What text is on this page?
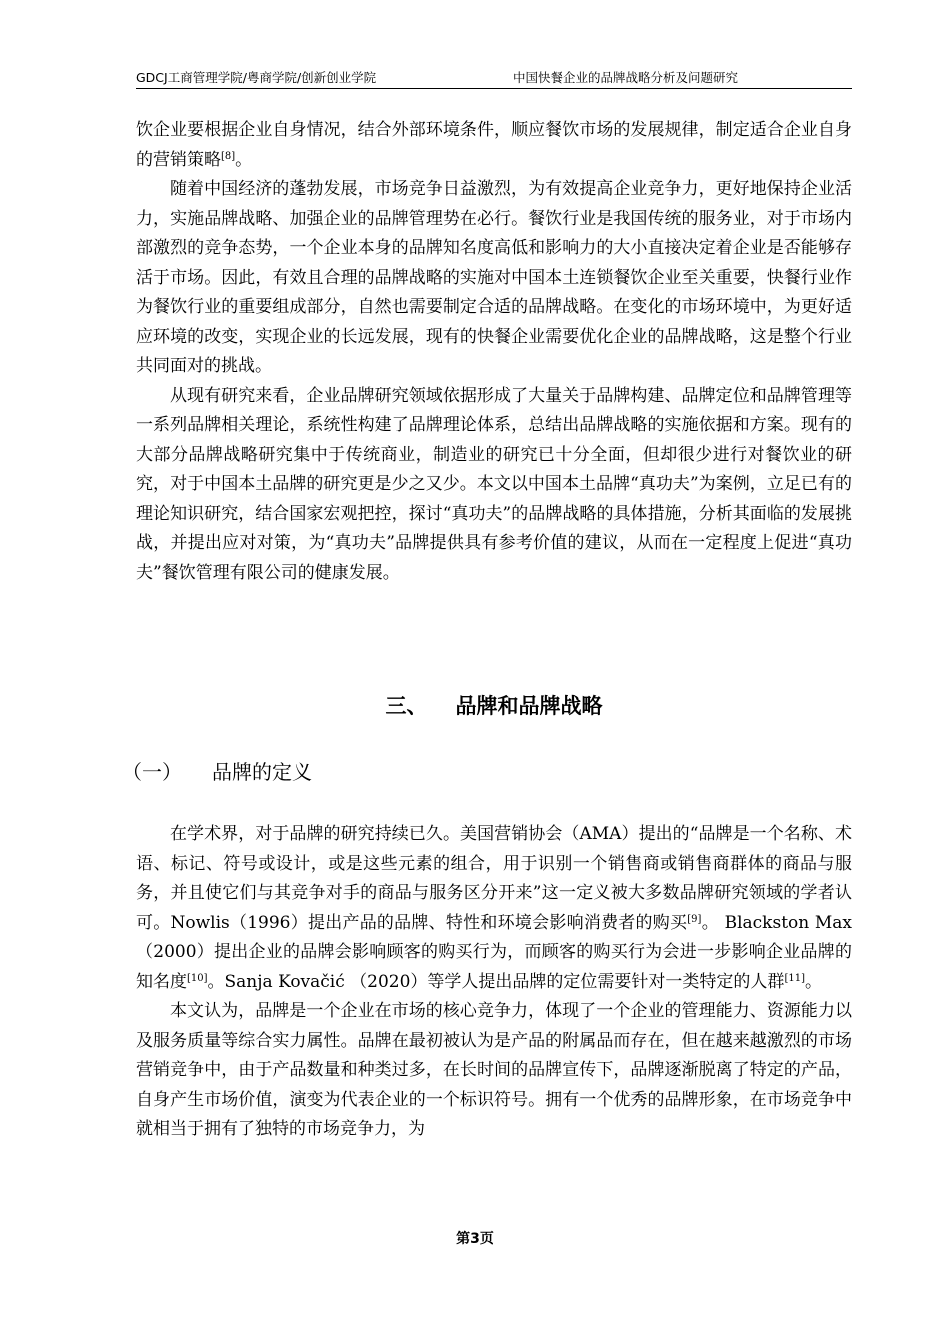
GDCJ工商管理学院/粤商学院/创新创业学院	中国快餐企业的品牌战略分析及问题研究

饮企业要根据企业自身情况，结合外部环境条件，顺应餐饮市场的发展规律，制定适合企业自身的营销策略[8]。

随着中国经济的蓬勃发展，市场竞争日益激烈，为有效提高企业竞争力，更好地保持企业活力，实施品牌战略、加强企业的品牌管理势在必行。餐饮行业是我国传统的服务业，对于市场内部激烈的竞争态势，一个企业本身的品牌知名度高低和影响力的大小直接决定着企业是否能够存活于市场。因此，有效且合理的品牌战略的实施对中国本土连锁餐饮企业至关重要，快餐行业作为餐饮行业的重要组成部分，自然也需要制定合适的品牌战略。在变化的市场环境中，为更好适应环境的改变，实现企业的长远发展，现有的快餐企业需要优化企业的品牌战略，这是整个行业共同面对的挑战。

从现有研究来看，企业品牌研究领域依据形成了大量关于品牌构建、品牌定位和品牌管理等一系列品牌相关理论，系统性构建了品牌理论体系，总结出品牌战略的实施依据和方案。现有的大部分品牌战略研究集中于传统商业，制造业的研究已十分全面，但却很少进行对餐饮业的研究，对于中国本土品牌的研究更是少之又少。本文以中国本土品牌“真功夫”为案例，立足已有的理论知识研究，结合国家宏观把控，探讨“真功夫”的品牌战略的具体措施，分析其面临的发展挑战，并提出应对对策，为“真功夫”品牌提供具有参考价值的建议，从而在一定程度上促进“真功夫”餐饮管理有限公司的健康发展。

三、 品牌和品牌战略
（一） 品牌的定义

在学术界，对于品牌的研究持续已久。美国营销协会（AMA）提出的“品牌是一个名称、术语、标记、符号或设计，或是这些元素的组合，用于识别一个销售商或销售商群体的商品与服务，并且使它们与其竞争对手的商品与服务区分开来”这一定义被大多数品牌研究领域的学者认可。Nowlis（1996）提出产品的品牌、特性和环境会影响消费者的购买[9]。 Blackston Max（2000）提出企业的品牌会影响顾客的购买行为，而顾客的购买行为会进一步影响企业品牌的知名度[10]。Sanja Kovačić （2020）等学人提出品牌的定位需要针对一类特定的人群[11]。

本文认为，品牌是一个企业在市场的核心竞争力，体现了一个企业的管理能力、资源能力以及服务质量等综合实力属性。品牌在最初被认为是产品的附属品而存在，但在越来越激烈的市场营销竞争中，由于产品数量和种类过多，在长时间的品牌宣传下，品牌逐渐脱离了特定的产品，自身产生市场价值，演变为代表企业的一个标识符号。拥有一个优秀的品牌形象，在市场竞争中就相当于拥有了独特的市场竞争力，为

第3页
